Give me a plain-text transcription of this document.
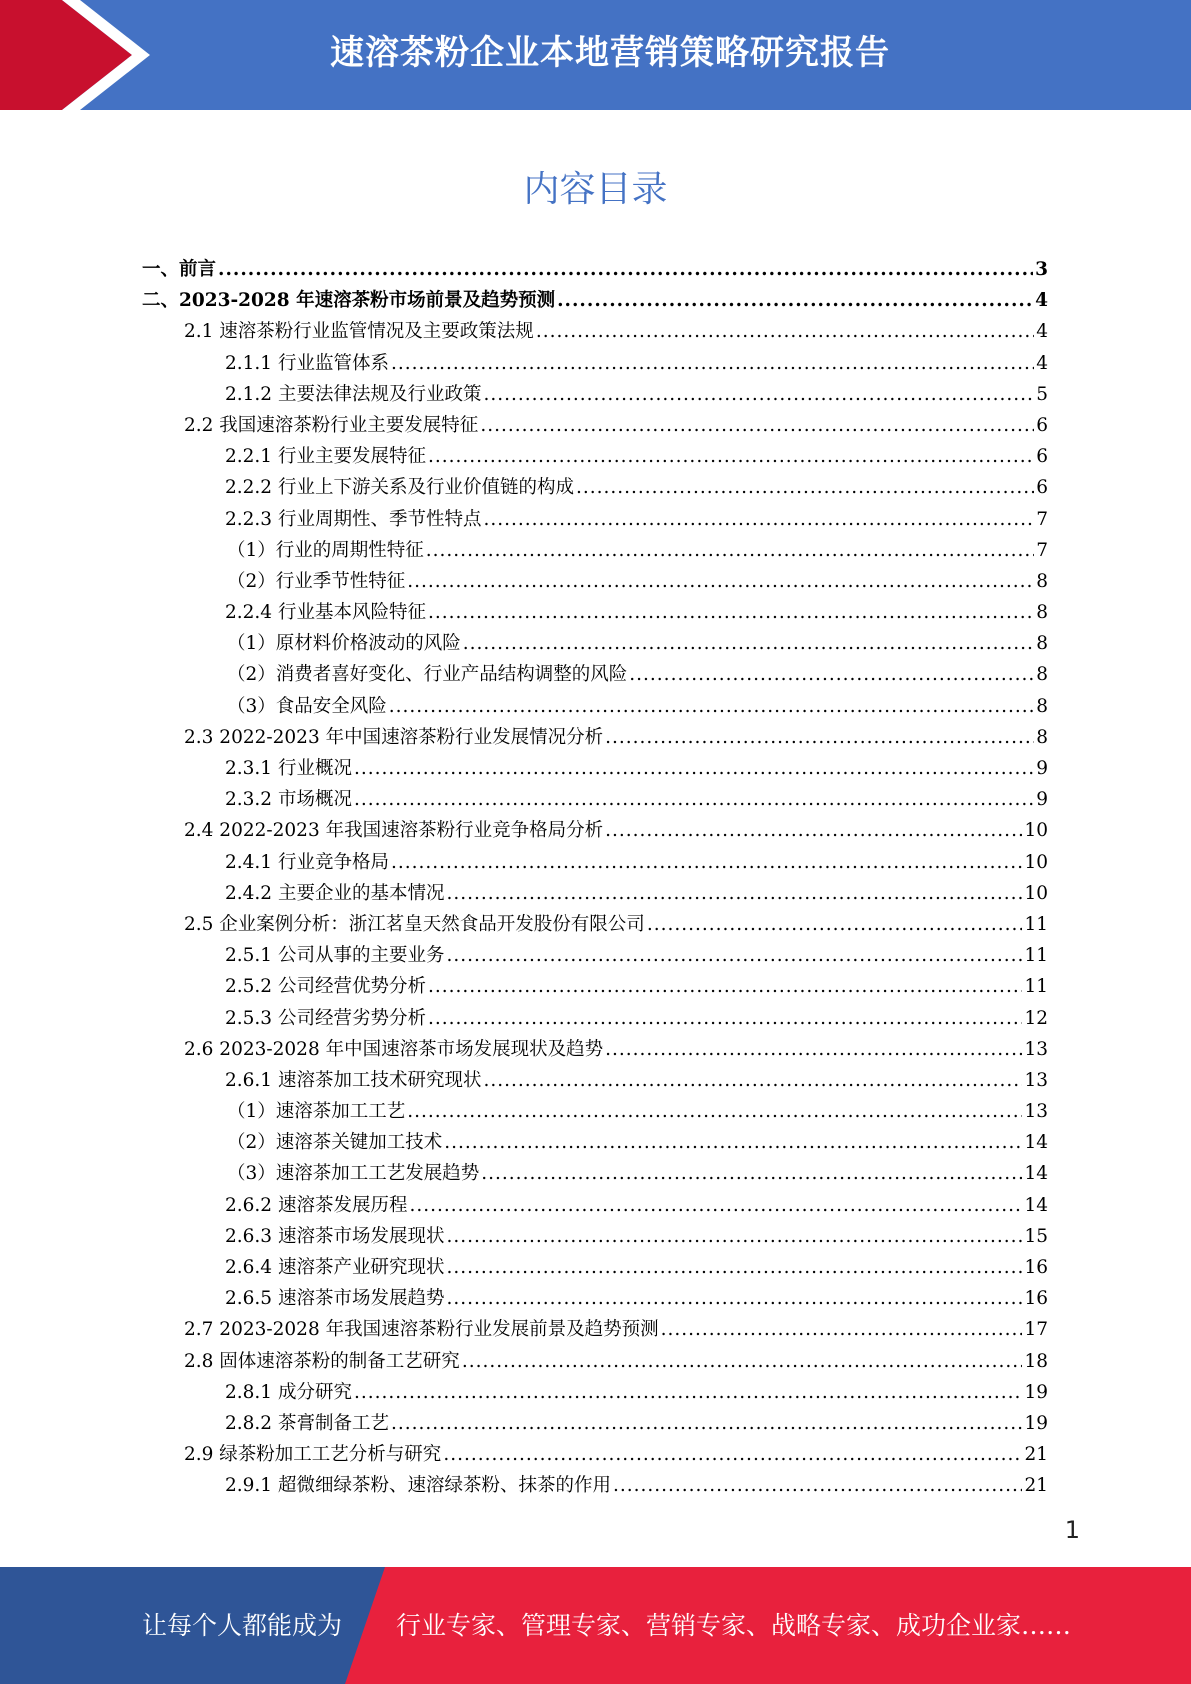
速溶茶粉企业本地营销策略研究报告
内容目录
一、前言 .....	3
二、2023-2028 年速溶茶粉市场前景及趋势预测 .....	4
2.1 速溶茶粉行业监管情况及主要政策法规 .....	4
2.1.1 行业监管体系 .....	4
2.1.2 主要法律法规及行业政策 .....	5
2.2 我国速溶茶粉行业主要发展特征 .....	6
2.2.1 行业主要发展特征 .....	6
2.2.2 行业上下游关系及行业价值链的构成 .....	6
2.2.3 行业周期性、季节性特点 .....	7
（1）行业的周期性特征 .....	7
（2）行业季节性特征 .....	8
2.2.4 行业基本风险特征 .....	8
（1）原材料价格波动的风险 .....	8
（2）消费者喜好变化、行业产品结构调整的风险 .....	8
（3）食品安全风险 .....	8
2.3 2022-2023 年中国速溶茶粉行业发展情况分析 .....	8
2.3.1 行业概况 .....	9
2.3.2 市场概况 .....	9
2.4 2022-2023 年我国速溶茶粉行业竞争格局分析 .....	10
2.4.1 行业竞争格局 .....	10
2.4.2 主要企业的基本情况 .....	10
2.5 企业案例分析：浙江茗皇天然食品开发股份有限公司 .....	11
2.5.1 公司从事的主要业务 .....	11
2.5.2 公司经营优势分析 .....	11
2.5.3 公司经营劣势分析 .....	12
2.6 2023-2028 年中国速溶茶市场发展现状及趋势 .....	13
2.6.1 速溶茶加工技术研究现状 .....	13
（1）速溶茶加工工艺 .....	13
（2）速溶茶关键加工技术 .....	14
（3）速溶茶加工工艺发展趋势 .....	14
2.6.2 速溶茶发展历程 .....	14
2.6.3 速溶茶市场发展现状 .....	15
2.6.4 速溶茶产业研究现状 .....	16
2.6.5 速溶茶市场发展趋势 .....	16
2.7 2023-2028 年我国速溶茶粉行业发展前景及趋势预测 .....	17
2.8 固体速溶茶粉的制备工艺研究 .....	18
2.8.1 成分研究 .....	19
2.8.2 茶膏制备工艺 .....	19
2.9 绿茶粉加工工艺分析与研究 .....	21
2.9.1 超微细绿茶粉、速溶绿茶粉、抹茶的作用 .....	21
1
让每个人都能成为 行业专家、管理专家、营销专家、战略专家、成功企业家……
